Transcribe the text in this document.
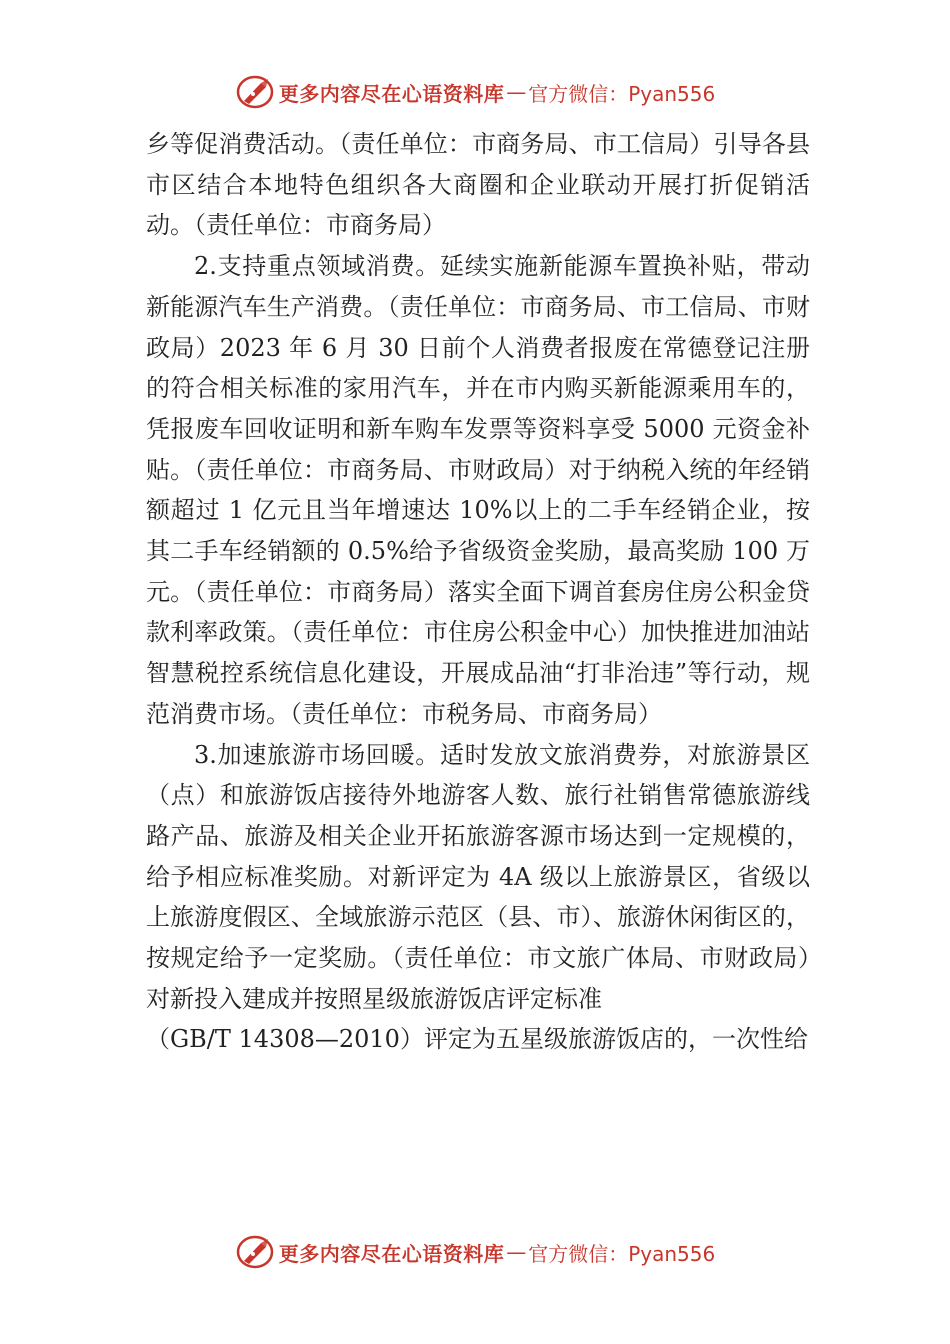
更多内容尽在心语资料库 — 官方微信：Pyan556

乡等促消费活动。（责任单位：市商务局、市工信局）引导各县市区结合本地特色组织各大商圈和企业联动开展打折促销活动。（责任单位：市商务局）

2.支持重点领域消费。延续实施新能源车置换补贴，带动新能源汽车生产消费。（责任单位：市商务局、市工信局、市财政局）2023 年 6 月 30 日前个人消费者报废在常德登记注册的符合相关标准的家用汽车，并在市内购买新能源乘用车的，凭报废车回收证明和新车购车发票等资料享受 5000 元资金补贴。（责任单位：市商务局、市财政局）对于纳税入统的年经销额超过 1 亿元且当年增速达 10%以上的二手车经销企业，按其二手车经销额的 0.5%给予省级资金奖励，最高奖励 100 万元。（责任单位：市商务局）落实全面下调首套房住房公积金贷款利率政策。（责任单位：市住房公积金中心）加快推进加油站智慧税控系统信息化建设，开展成品油“打非治违”等行动，规范消费市场。（责任单位：市税务局、市商务局）

3.加速旅游市场回暖。适时发放文旅消费券，对旅游景区（点）和旅游饭店接待外地游客人数、旅行社销售常德旅游线路产品、旅游及相关企业开拓旅游客源市场达到一定规模的，给予相应标准奖励。对新评定为 4A 级以上旅游景区，省级以上旅游度假区、全域旅游示范区（县、市）、旅游休闲街区的，按规定给予一定奖励。（责任单位：市文旅广体局、市财政局）　对新投入建成并按照星级旅游饭店评定标准

（GB/T 14308—2010）评定为五星级旅游饭店的，一次性给

更多内容尽在心语资料库 — 官方微信：Pyan556
